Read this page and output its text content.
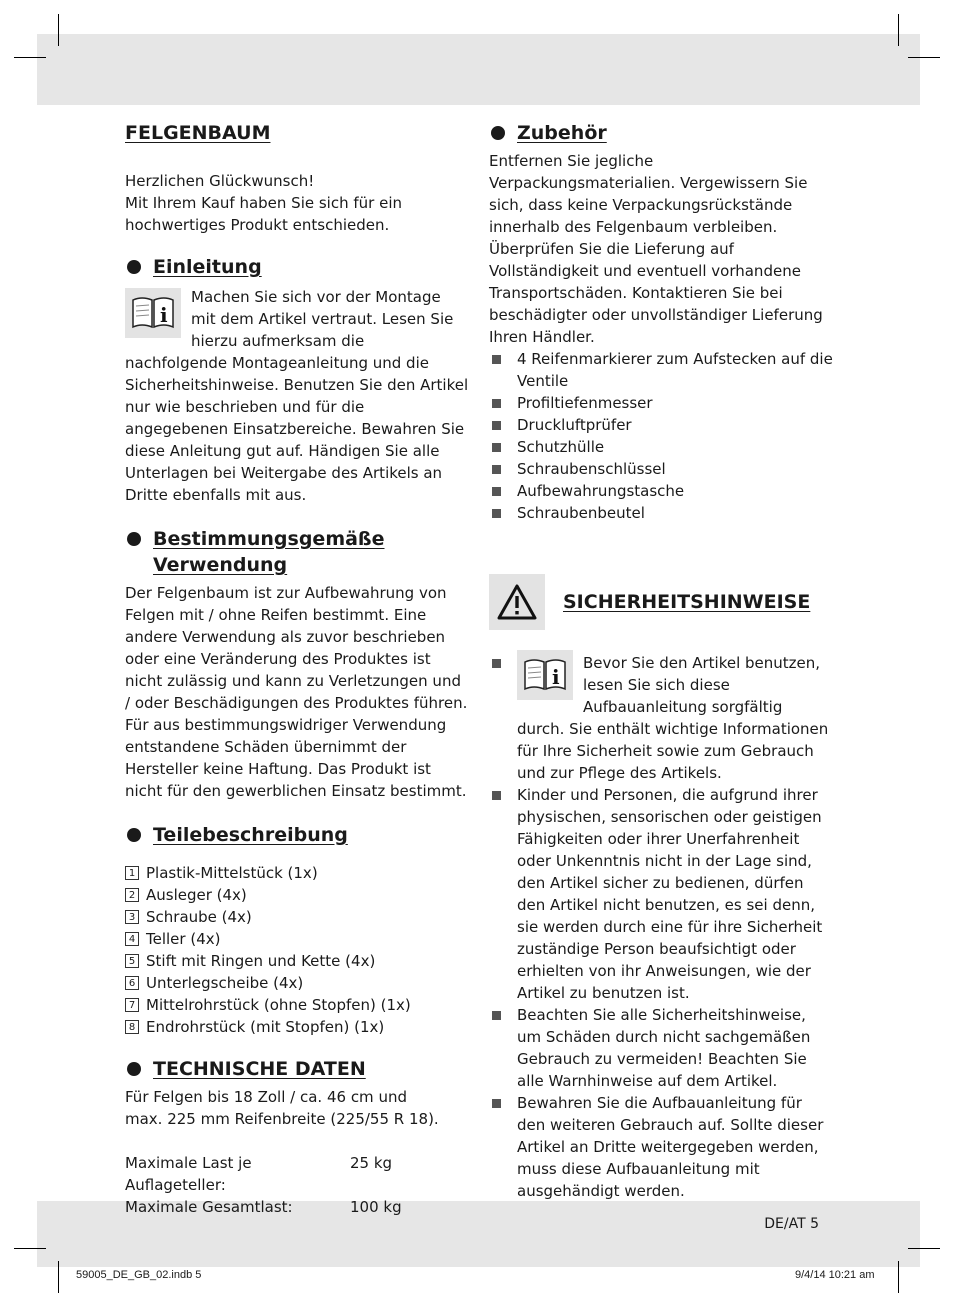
FELGENBAUM

Herzlichen Glückwunsch!

Mit Ihrem Kauf haben Sie sich für ein

hochwertiges Produkt entschieden.

Einleitung
i

Machen Sie sich vor der Montage mit dem Artikel vertraut. Lesen Sie hierzu aufmerksam die nachfolgende Montageanleitung und die Sicherheitshinweise. Benutzen Sie den Artikel nur wie beschrieben und für die angegebenen Einsatzbereiche. Bewahren Sie diese Anleitung gut auf. Händigen Sie alle Unterlagen bei Weitergabe des Artikels an Dritte ebenfalls mit aus.

Bestimmungsgemäße
Verwendung

Der Felgenbaum ist zur Aufbewahrung von Felgen mit / ohne Reifen bestimmt. Eine andere Verwendung als zuvor beschrieben oder eine Veränderung des Produktes ist nicht zulässig und kann zu Verletzungen und / oder Beschädigungen des Produktes führen. Für aus bestimmungswidriger Verwendung entstandene Schäden übernimmt der Hersteller keine Haftung. Das Produkt ist nicht für den gewerblichen Einsatz bestimmt.

Teilebeschreibung
1 Plastik-Mittelstück (1x)
2 Ausleger (4x)
3 Schraube (4x)
4 Teller (4x)
5 Stift mit Ringen und Kette (4x)
6 Unterlegscheibe (4x)
7 Mittelrohrstück (ohne Stopfen) (1x)
8 Endrohrstück (mit Stopfen) (1x)
TECHNISCHE DATEN

Für Felgen bis 18 Zoll / ca. 46 cm und

max. 225 mm Reifenbreite (225/55 R 18).

Maximale Last je Auflageteller:
25 kg
Maximale Gesamtlast:	100 kg
Zubehör

Entfernen Sie jegliche Verpackungsmaterialien. Vergewissern Sie sich, dass keine Verpackungsrückstände innerhalb des Felgenbaum verbleiben. Überprüfen Sie die Lieferung auf Vollständigkeit und eventuell vorhandene Transportschäden. Kontaktieren Sie bei beschädigter oder unvollständiger Lieferung Ihren Händler.

4 Reifenmarkierer zum Aufstecken auf die Ventile
Profiltiefenmesser
Druckluftprüfer
Schutzhülle
Schraubenschlüssel
Aufbewahrungstasche
Schraubenbeutel
SICHERHEITSHINWEISE
i
Bevor Sie den Artikel benutzen, lesen Sie sich diese Aufbauanleitung sorgfältig durch. Sie enthält wichtige Informationen für Ihre Sicherheit sowie zum Gebrauch und zur Pflege des Artikels.
Kinder und Personen, die aufgrund ihrer physischen, sensorischen oder geistigen Fähigkeiten oder ihrer Unerfahrenheit oder Unkenntnis nicht in der Lage sind, den Artikel sicher zu bedienen, dürfen den Artikel nicht benutzen, es sei denn, sie werden durch eine für ihre Sicherheit zuständige Person beaufsichtigt oder erhielten von ihr Anweisungen, wie der Artikel zu benutzen ist.
Beachten Sie alle Sicherheitshinweise, um Schäden durch nicht sachgemäßen Gebrauch zu vermeiden! Beachten Sie alle Warnhinweise auf dem Artikel.
Bewahren Sie die Aufbauanleitung für den weiteren Gebrauch auf. Sollte dieser Artikel an Dritte weitergegeben werden, muss diese Aufbauanleitung mit ausgehändigt werden.
DE/AT 5
59005_DE_GB_02.indb 5	9/4/14 10:21 am
